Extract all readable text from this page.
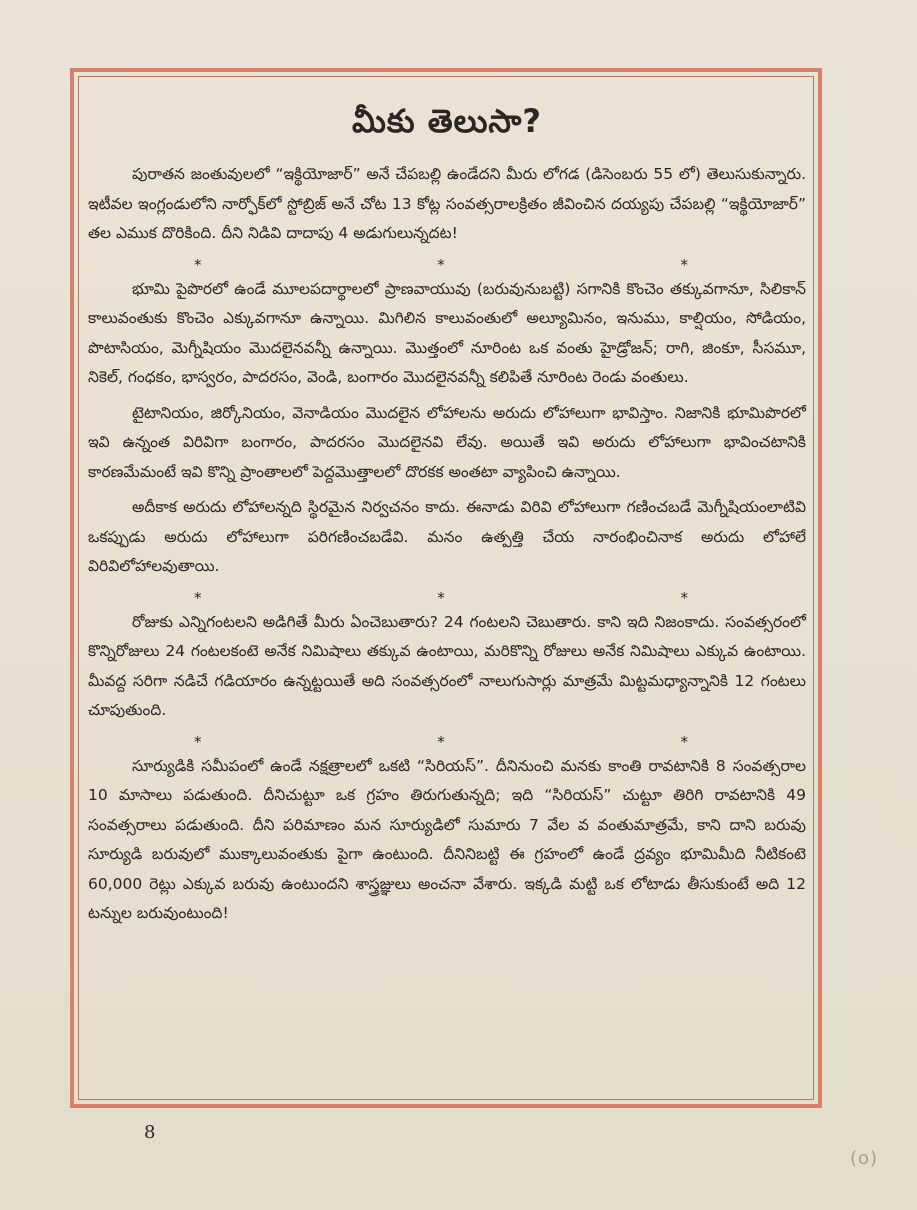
మీకు తెలుసా?

పురాతన జంతువులలో “ఇక్థియోజార్” అనే చేపబల్లి ఉండేదని మీరు లోగడ (డిసెంబరు 55 లో) తెలుసుకున్నారు. ఇటీవల ఇంగ్లండులోని నార్ఫోక్‌లో స్టోబ్రిజ్ అనే చోట 13 కోట్ల సంవత్సరాలక్రితం జీవించిన దయ్యపు చేపబల్లి “ఇక్థియోజార్” తల ఎముక దొరికింది. దీని నిడివి దాదాపు 4 అడుగులున్నదట!

*	*	*

భూమి పైపొరలో ఉండే మూలపదార్థాలలో ప్రాణవాయువు (బరువునుబట్టి) సగానికి కొంచెం తక్కువగానూ, సిలికాన్ కాలువంతుకు కొంచెం ఎక్కువగానూ ఉన్నాయి. మిగిలిన కాలువంతులో అల్యూమినం, ఇనుము, కాల్షియం, సోడియం, పొటాసియం, మెగ్నీషియం మొదలైనవన్నీ ఉన్నాయి. మొత్తంలో నూరింట ఒక వంతు హైడ్రోజన్; రాగి, జింకూ, సీసమూ, నికెల్, గంధకం, భాస్వరం, పాదరసం, వెండి, బంగారం మొదలైనవన్నీ కలిపితే నూరింట రెండు వంతులు.

టైటానియం, జిర్కోనియం, వెనాడియం మొదలైన లోహాలను అరుదు లోహాలుగా భావిస్తాం. నిజానికి భూమిపొరలో ఇవి ఉన్నంత విరివిగా బంగారం, పాదరసం మొదలైనవి లేవు. అయితే ఇవి అరుదు లోహాలుగా భావించటానికి కారణమేమంటే ఇవి కొన్ని ప్రాంతాలలో పెద్దమొత్తాలలో దొరకక అంతటా వ్యాపించి ఉన్నాయి.

అదీకాక అరుదు లోహాలన్నది స్థిరమైన నిర్వచనం కాదు. ఈనాడు విరివి లోహాలుగా గణించబడే మెగ్నీషియంలాటివి ఒకప్పుడు అరుదు లోహాలుగా పరిగణించబడేవి. మనం ఉత్పత్తి చేయ నారంభించినాక అరుదు లోహాలే విరివిలోహాలవుతాయి.

*	*	*

రోజుకు ఎన్నిగంటలని అడిగితే మీరు ఏంచెబుతారు? 24 గంటలని చెబుతారు. కాని ఇది నిజంకాదు. సంవత్సరంలో కొన్నిరోజులు 24 గంటలకంటె అనేక నిమిషాలు తక్కువ ఉంటాయి, మరికొన్ని రోజులు అనేక నిమిషాలు ఎక్కువ ఉంటాయి. మీవద్ద సరిగా నడిచే గడియారం ఉన్నట్టయితే అది సంవత్సరంలో నాలుగుసార్లు మాత్రమే మిట్టమధ్యాన్నానికి 12 గంటలు చూపుతుంది.

*	*	*

సూర్యుడికి సమీపంలో ఉండే నక్షత్రాలలో ఒకటి “సిరియస్”. దీనినుంచి మనకు కాంతి రావటానికి 8 సంవత్సరాల 10 మాసాలు పడుతుంది. దీనిచుట్టూ ఒక గ్రహం తిరుగుతున్నది; ఇది “సిరియస్” చుట్టూ తిరిగి రావటానికి 49 సంవత్సరాలు పడుతుంది. దీని పరిమాణం మన సూర్యుడిలో సుమారు 7 వేల వ వంతుమాత్రమే, కాని దాని బరువు సూర్యుడి బరువులో ముక్కాలువంతుకు పైగా ఉంటుంది. దీనినిబట్టి ఈ గ్రహంలో ఉండే ద్రవ్యం భూమిమీది నీటికంటె 60,000 రెట్లు ఎక్కువ బరువు ఉంటుందని శాస్త్రజ్ఞులు అంచనా వేశారు. ఇక్కడి మట్టి ఒక లోటాడు తీసుకుంటే అది 12 టన్నుల బరువుంటుంది!

8
(o)
